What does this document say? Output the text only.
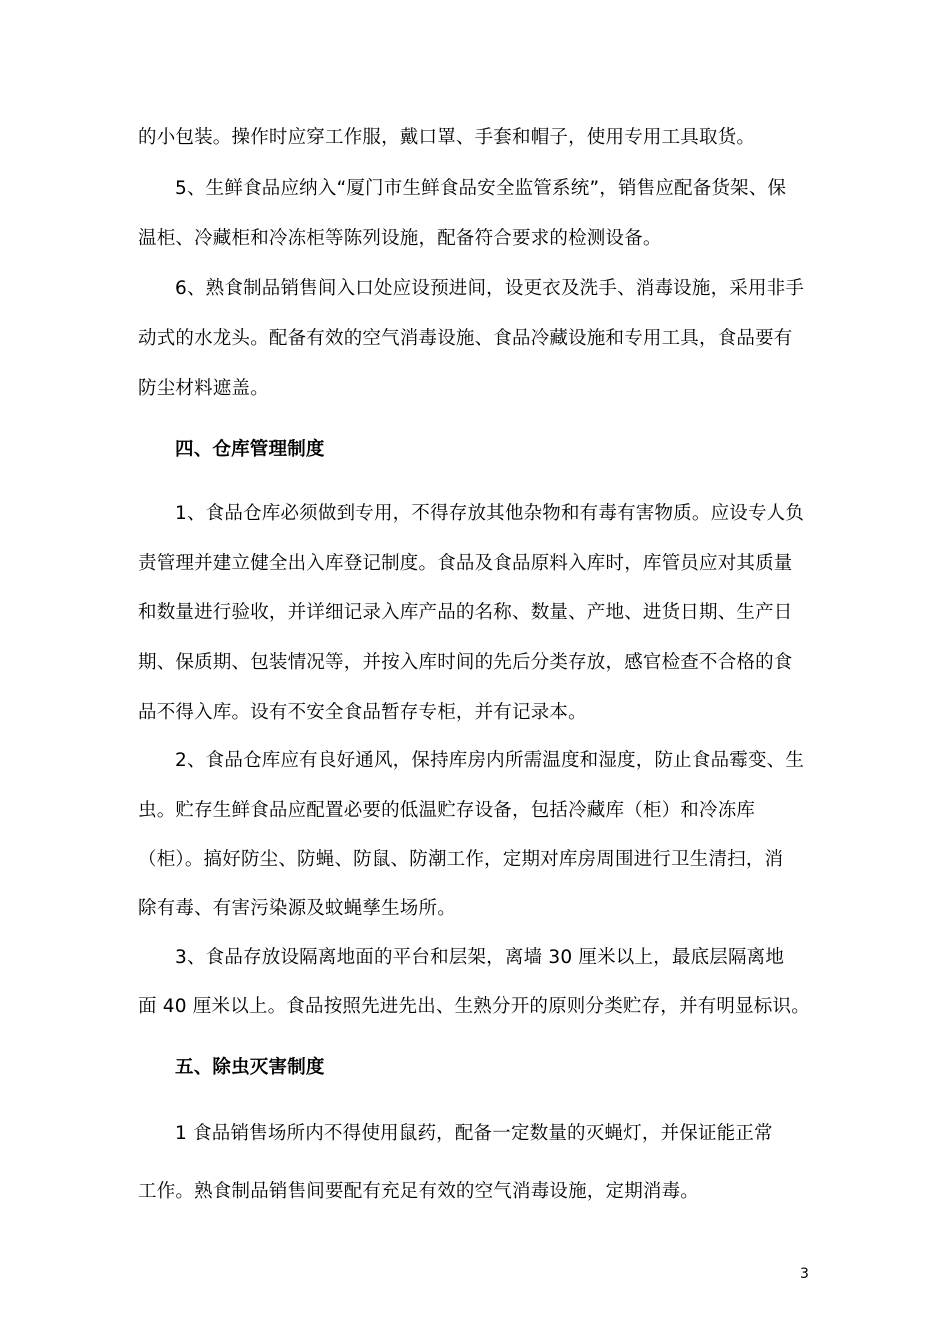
的小包装。操作时应穿工作服，戴口罩、手套和帽子，使用专用工具取货。
5、生鲜食品应纳入“厦门市生鲜食品安全监管系统”，销售应配备货架、保
温柜、冷藏柜和冷冻柜等陈列设施，配备符合要求的检测设备。
6、熟食制品销售间入口处应设预进间，设更衣及洗手、消毒设施，采用非手
动式的水龙头。配备有效的空气消毒设施、食品冷藏设施和专用工具，食品要有
防尘材料遮盖。
四、仓库管理制度
1、食品仓库必须做到专用，不得存放其他杂物和有毒有害物质。应设专人负
责管理并建立健全出入库登记制度。食品及食品原料入库时，库管员应对其质量
和数量进行验收，并详细记录入库产品的名称、数量、产地、进货日期、生产日
期、保质期、包装情况等，并按入库时间的先后分类存放，感官检查不合格的食
品不得入库。设有不安全食品暂存专柜，并有记录本。
2、食品仓库应有良好通风，保持库房内所需温度和湿度，防止食品霉变、生
虫。贮存生鲜食品应配置必要的低温贮存设备，包括冷藏库（柜）和冷冻库
（柜）。搞好防尘、防蝇、防鼠、防潮工作，定期对库房周围进行卫生清扫，消
除有毒、有害污染源及蚊蝇孳生场所。
3、食品存放设隔离地面的平台和层架，离墙 30 厘米以上，最底层隔离地
面 40 厘米以上。食品按照先进先出、生熟分开的原则分类贮存，并有明显标识。
五、除虫灭害制度
1 食品销售场所内不得使用鼠药，配备一定数量的灭蝇灯，并保证能正常
工作。熟食制品销售间要配有充足有效的空气消毒设施，定期消毒。
3
